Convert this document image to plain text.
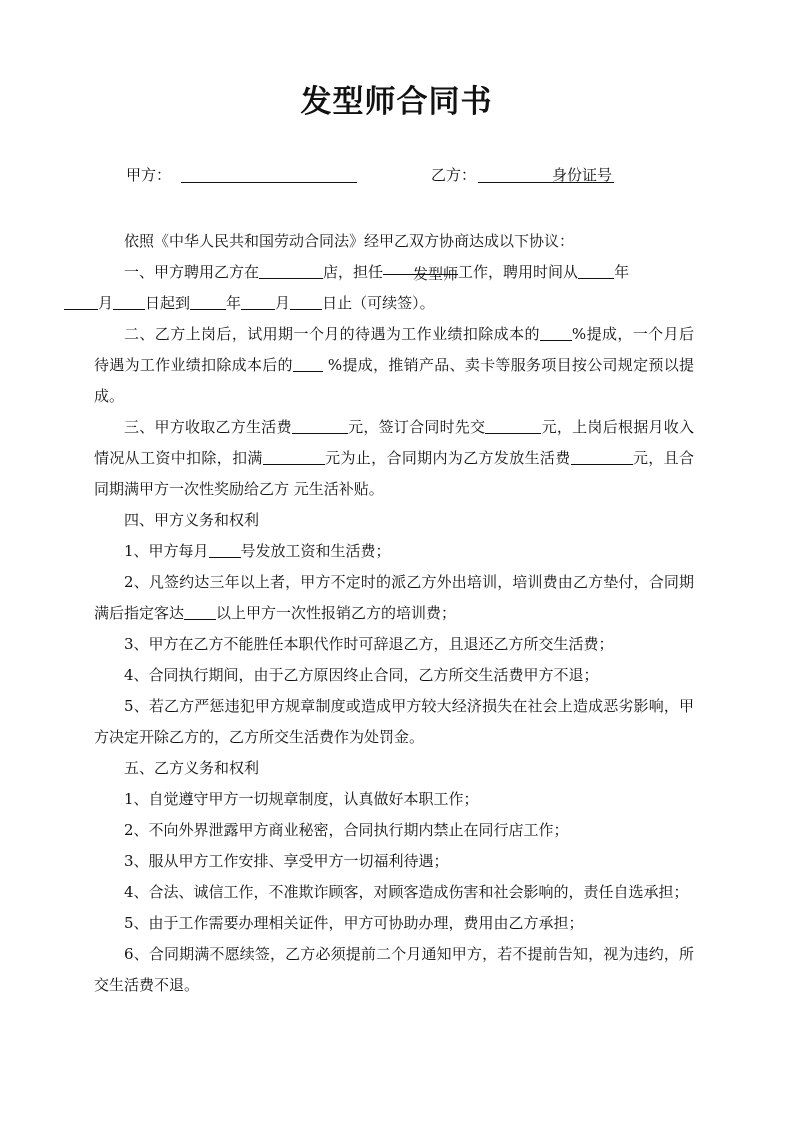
发型师合同书
甲方：	乙方：	身份证号

依照《中华人民共和国劳动合同法》经甲乙双方协商达成以下协议：

一、甲方聘用乙方在	店，担任 发型师工作，聘用时间从 年
月 日起到 年 月 日止（可续签）。

二、乙方上岗后，试用期一个月的待遇为工作业绩扣除成本的 %提成，一个月后待遇为工作业绩扣除成本后的 %提成，推销产品、卖卡等服务项目按公司规定预以提成。

三、甲方收取乙方生活费	元，签订合同时先交	元，上岗后根据月收入情况从工资中扣除，扣满	元为止，合同期内为乙方发放生活费	元，且合同期满甲方一次性奖励给乙方 元生活补贴。

四、甲方义务和权利

1、甲方每月 号发放工资和生活费；

2、凡签约达三年以上者，甲方不定时的派乙方外出培训，培训费由乙方垫付，合同期满后指定客达 以上甲方一次性报销乙方的培训费；

3、甲方在乙方不能胜任本职代作时可辞退乙方，且退还乙方所交生活费；

4、合同执行期间，由于乙方原因终止合同，乙方所交生活费甲方不退；

5、若乙方严惩违犯甲方规章制度或造成甲方较大经济损失在社会上造成恶劣影响，甲方决定开除乙方的，乙方所交生活费作为处罚金。

五、乙方义务和权利

1、自觉遵守甲方一切规章制度，认真做好本职工作；

2、不向外界泄露甲方商业秘密，合同执行期内禁止在同行店工作；

3、服从甲方工作安排、享受甲方一切福利待遇；

4、合法、诚信工作，不准欺诈顾客，对顾客造成伤害和社会影响的，责任自选承担；

5、由于工作需要办理相关证件，甲方可协助办理，费用由乙方承担；

6、合同期满不愿续签，乙方必须提前二个月通知甲方，若不提前告知，视为违约，所交生活费不退。
